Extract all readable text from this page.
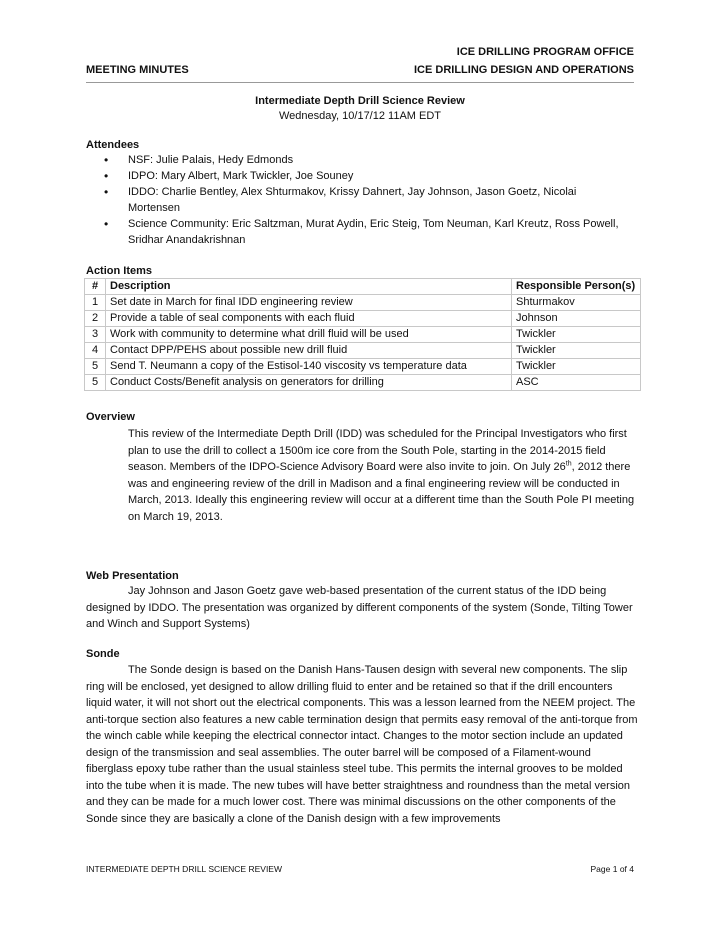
ICE DRILLING PROGRAM OFFICE
ICE DRILLING DESIGN AND OPERATIONS
MEETING MINUTES
Intermediate Depth Drill Science Review
Wednesday, 10/17/12 11AM EDT
Attendees
• NSF: Julie Palais, Hedy Edmonds
• IDPO: Mary Albert, Mark Twickler, Joe Souney
• IDDO: Charlie Bentley, Alex Shturmakov, Krissy Dahnert, Jay Johnson, Jason Goetz, Nicolai Mortensen
• Science Community: Eric Saltzman, Murat Aydin, Eric Steig, Tom Neuman, Karl Kreutz, Ross Powell, Sridhar Anandakrishnan
Action Items
#	Description	Responsible Person(s)
1	Set date in March for final IDD engineering review	Shturmakov
2	Provide a table of seal components with each fluid	Johnson
3	Work with community to determine what drill fluid will be used	Twickler
4	Contact DPP/PEHS about possible new drill fluid	Twickler
5	Send T. Neumann a copy of the Estisol-140 viscosity vs temperature data	Twickler
5	Conduct Costs/Benefit analysis on generators for drilling	ASC
Overview

This review of the Intermediate Depth Drill (IDD) was scheduled for the Principal Investigators who first plan to use the drill to collect a 1500m ice core from the South Pole, starting in the 2014-2015 field season. Members of the IDPO-Science Advisory Board were also invite to join. On July 26th, 2012 there was and engineering review of the drill in Madison and a final engineering review will be conducted in March, 2013. Ideally this engineering review will occur at a different time than the South Pole PI meeting on March 19, 2013.

Web Presentation

Jay Johnson and Jason Goetz gave web-based presentation of the current status of the IDD being designed by IDDO. The presentation was organized by different components of the system (Sonde, Tilting Tower and Winch and Support Systems)

Sonde

The Sonde design is based on the Danish Hans-Tausen design with several new components. The slip ring will be enclosed, yet designed to allow drilling fluid to enter and be retained so that if the drill encounters liquid water, it will not short out the electrical components. This was a lesson learned from the NEEM project. The anti-torque section also features a new cable termination design that permits easy removal of the anti-torque from the winch cable while keeping the electrical connector intact. Changes to the motor section include an updated design of the transmission and seal assemblies. The outer barrel will be composed of a Filament-wound fiberglass epoxy tube rather than the usual stainless steel tube. This permits the internal grooves to be molded into the tube when it is made. The new tubes will have better straightness and roundness than the metal version and they can be made for a much lower cost. There was minimal discussions on the other components of the Sonde since they are basically a clone of the Danish design with a few improvements

INTERMEDIATE DEPTH DRILL SCIENCE REVIEW	Page 1 of 4
